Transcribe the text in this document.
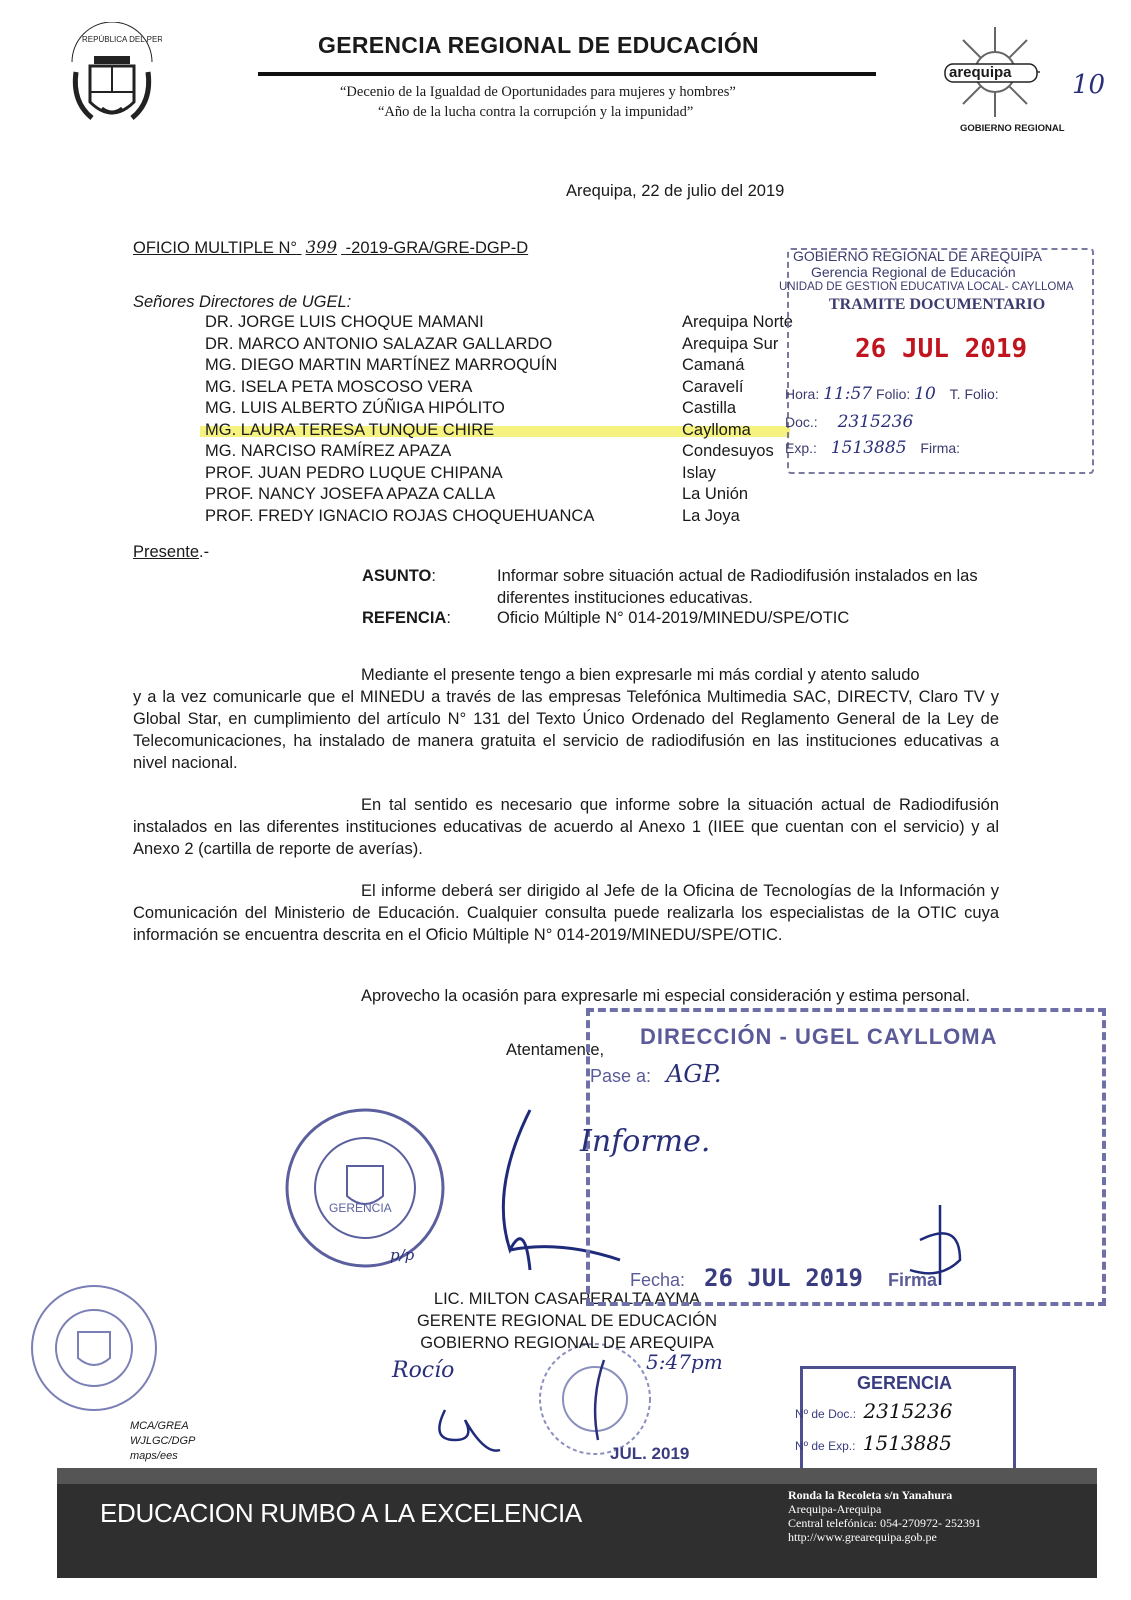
REPÚBLICA DEL PERÚ	GERENCIA REGIONAL DE EDUCACIÓN
“Decenio de la Igualdad de Oportunidades para mujeres y hombres”
“Año de la lucha contra la corrupción y la impunidad”
arequipa
GOBIERNO REGIONAL
10
Arequipa, 22 de julio del 2019
OFICIO MULTIPLE N° 399 -2019-GRA/GRE-DGP-D
Señores Directores de UGEL:
DR. JORGE LUIS CHOQUE MAMANI	Arequipa Norte
DR. MARCO ANTONIO SALAZAR GALLARDO	Arequipa Sur
MG. DIEGO MARTIN MARTÍNEZ MARROQUÍN	Camaná
MG. ISELA PETA MOSCOSO VERA	Caravelí
MG. LUIS ALBERTO ZÚÑIGA HIPÓLITO	Castilla
MG. LAURA TERESA TUNQUE CHIRE	Caylloma
MG. NARCISO RAMÍREZ APAZA	Condesuyos
PROF. JUAN PEDRO LUQUE CHIPANA	Islay
PROF. NANCY JOSEFA APAZA CALLA	La Unión
PROF. FREDY IGNACIO ROJAS CHOQUEHUANCA	La Joya
Presente.-
ASUNTO:	Informar sobre situación actual de Radiodifusión instalados en las diferentes instituciones educativas.
REFENCIA:	Oficio Múltiple N° 014-2019/MINEDU/SPE/OTIC
Mediante el presente tengo a bien expresarle mi más cordial y atento saludo
y a la vez comunicarle que el MINEDU a través de las empresas Telefónica Multimedia SAC, DIRECTV, Claro TV y Global Star, en cumplimiento del artículo N° 131 del Texto Único Ordenado del Reglamento General de la Ley de Telecomunicaciones, ha instalado de manera gratuita el servicio de radiodifusión en las instituciones educativas a nivel nacional.
En tal sentido es necesario que informe sobre la situación actual de Radiodifusión instalados en las diferentes instituciones educativas de acuerdo al Anexo 1 (IIEE que cuentan con el servicio) y al Anexo 2 (cartilla de reporte de averías).
El informe deberá ser dirigido al Jefe de la Oficina de Tecnologías de la Información y Comunicación del Ministerio de Educación. Cualquier consulta puede realizarla los especialistas de la OTIC cuya información se encuentra descrita en el Oficio Múltiple N° 014-2019/MINEDU/SPE/OTIC.
Aprovecho la ocasión para expresarle mi especial consideración y estima personal.
Atentamente,
GERENCIA
p/p
LIC. MILTON CASAPERALTA AYMA
GERENTE REGIONAL DE EDUCACIÓN
GOBIERNO REGIONAL DE AREQUIPA
Rocío	5:47pm
JUL. 2019
MCA/GREA
WJLGC/DGP
maps/ees
GOBIERNO REGIONAL DE AREQUIPA
Gerencia Regional de Educación
UNIDAD DE GESTION EDUCATIVA LOCAL- CAYLLOMA
TRAMITE DOCUMENTARIO
26 JUL 2019
Hora: 11:57 Folio: 10 T. Folio:
Doc.: 2315236
Exp.: 1513885 Firma:
DIRECCIÓN - UGEL CAYLLOMA
Pase a: AGP.
Informe.
Fecha: 26 JUL 2019 Firma
GERENCIA
Nº de Doc.: 2315236
Nº de Exp.: 1513885
EDUCACION RUMBO A LA EXCELENCIA
Ronda la Recoleta s/n Yanahura
Arequipa-Arequipa
Central telefónica: 054-270972- 252391
http://www.grearequipa.gob.pe
